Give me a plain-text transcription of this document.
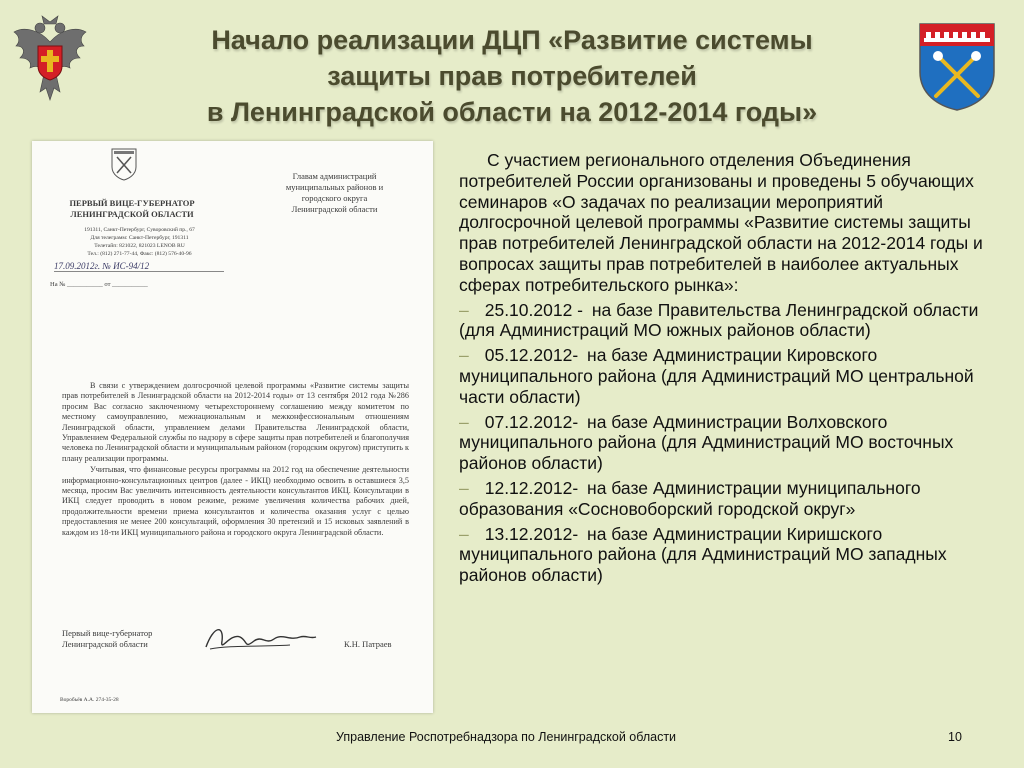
Начало реализации ДЦП «Развитие системы
защиты прав потребителей
в Ленинградской области на 2012-2014 годы»
ПЕРВЫЙ ВИЦЕ-ГУБЕРНАТОР
ЛЕНИНГРАДСКОЙ ОБЛАСТИ
191311, Санкт-Петербург, Суворовский пр., 67
Для телеграмм: Санкт-Петербург, 191311
Телетайп: 821022, 821023 LENOB RU
Тел.: (812) 271-77-44, Факс: (812) 576-40-96
17.09.2012г. № ИС-94/12
На № ___________ от ___________
Главам администраций
муниципальных районов и
городского округа
Ленинградской области

В связи с утверждением долгосрочной целевой программы «Развитие системы защиты прав потребителей в Ленинградской области на 2012-2014 годы» от 13 сентября 2012 года №286 просим Вас согласно заключенному четырехстороннему соглашению между комитетом по местному самоуправлению, межнациональным и межконфессиональным отношениям Ленинградской области, управлением делами Правительства Ленинградской области, Управлением Федеральной службы по надзору в сфере защиты прав потребителей и благополучия человека по Ленинградской области и муниципальным районом (городским округом) приступить к плану реализации программы.

Учитывая, что финансовые ресурсы программы на 2012 год на обеспечение деятельности информационно-консультационных центров (далее - ИКЦ) необходимо освоить в оставшиеся 3,5 месяца, просим Вас увеличить интенсивность деятельности консультантов ИКЦ. Консультации в ИКЦ следует проводить в новом режиме, режиме увеличения количества рабочих дней, продолжительности времени приема консультантов и количества оказания услуг с целью предоставления не менее 200 консультаций, оформления 30 претензий и 15 исковых заявлений в каждом из 18-ти ИКЦ муниципального района и городского округа Ленинградской области.

Первый вице-губернатор
Ленинградской области	К.Н. Патраев
Воробьёв А.А. 274-35-28

С участием регионального отделения Объединения потребителей России организованы и проведены 5 обучающих семинаров «О задачах по реализации мероприятий долгосрочной целевой программы «Развитие системы защиты прав потребителей Ленинградской области на 2012-2014 годы и вопросах защиты прав потребителей в наиболее актуальных сферах потребительского рынка»:

– 25.10.2012 - на базе Правительства Ленинградской области (для Администраций МО южных районов области)

– 05.12.2012- на базе Администрации Кировского муниципального района (для Администраций МО центральной части области)

– 07.12.2012- на базе Администрации Волховского муниципального района (для Администраций МО восточных районов области)

– 12.12.2012- на базе Администрации муниципального образования «Сосновоборский городской округ»

– 13.12.2012- на базе Администрации Киришского муниципального района (для Администраций МО западных районов области)

Управление Роспотребнадзора по Ленинградской области	10
